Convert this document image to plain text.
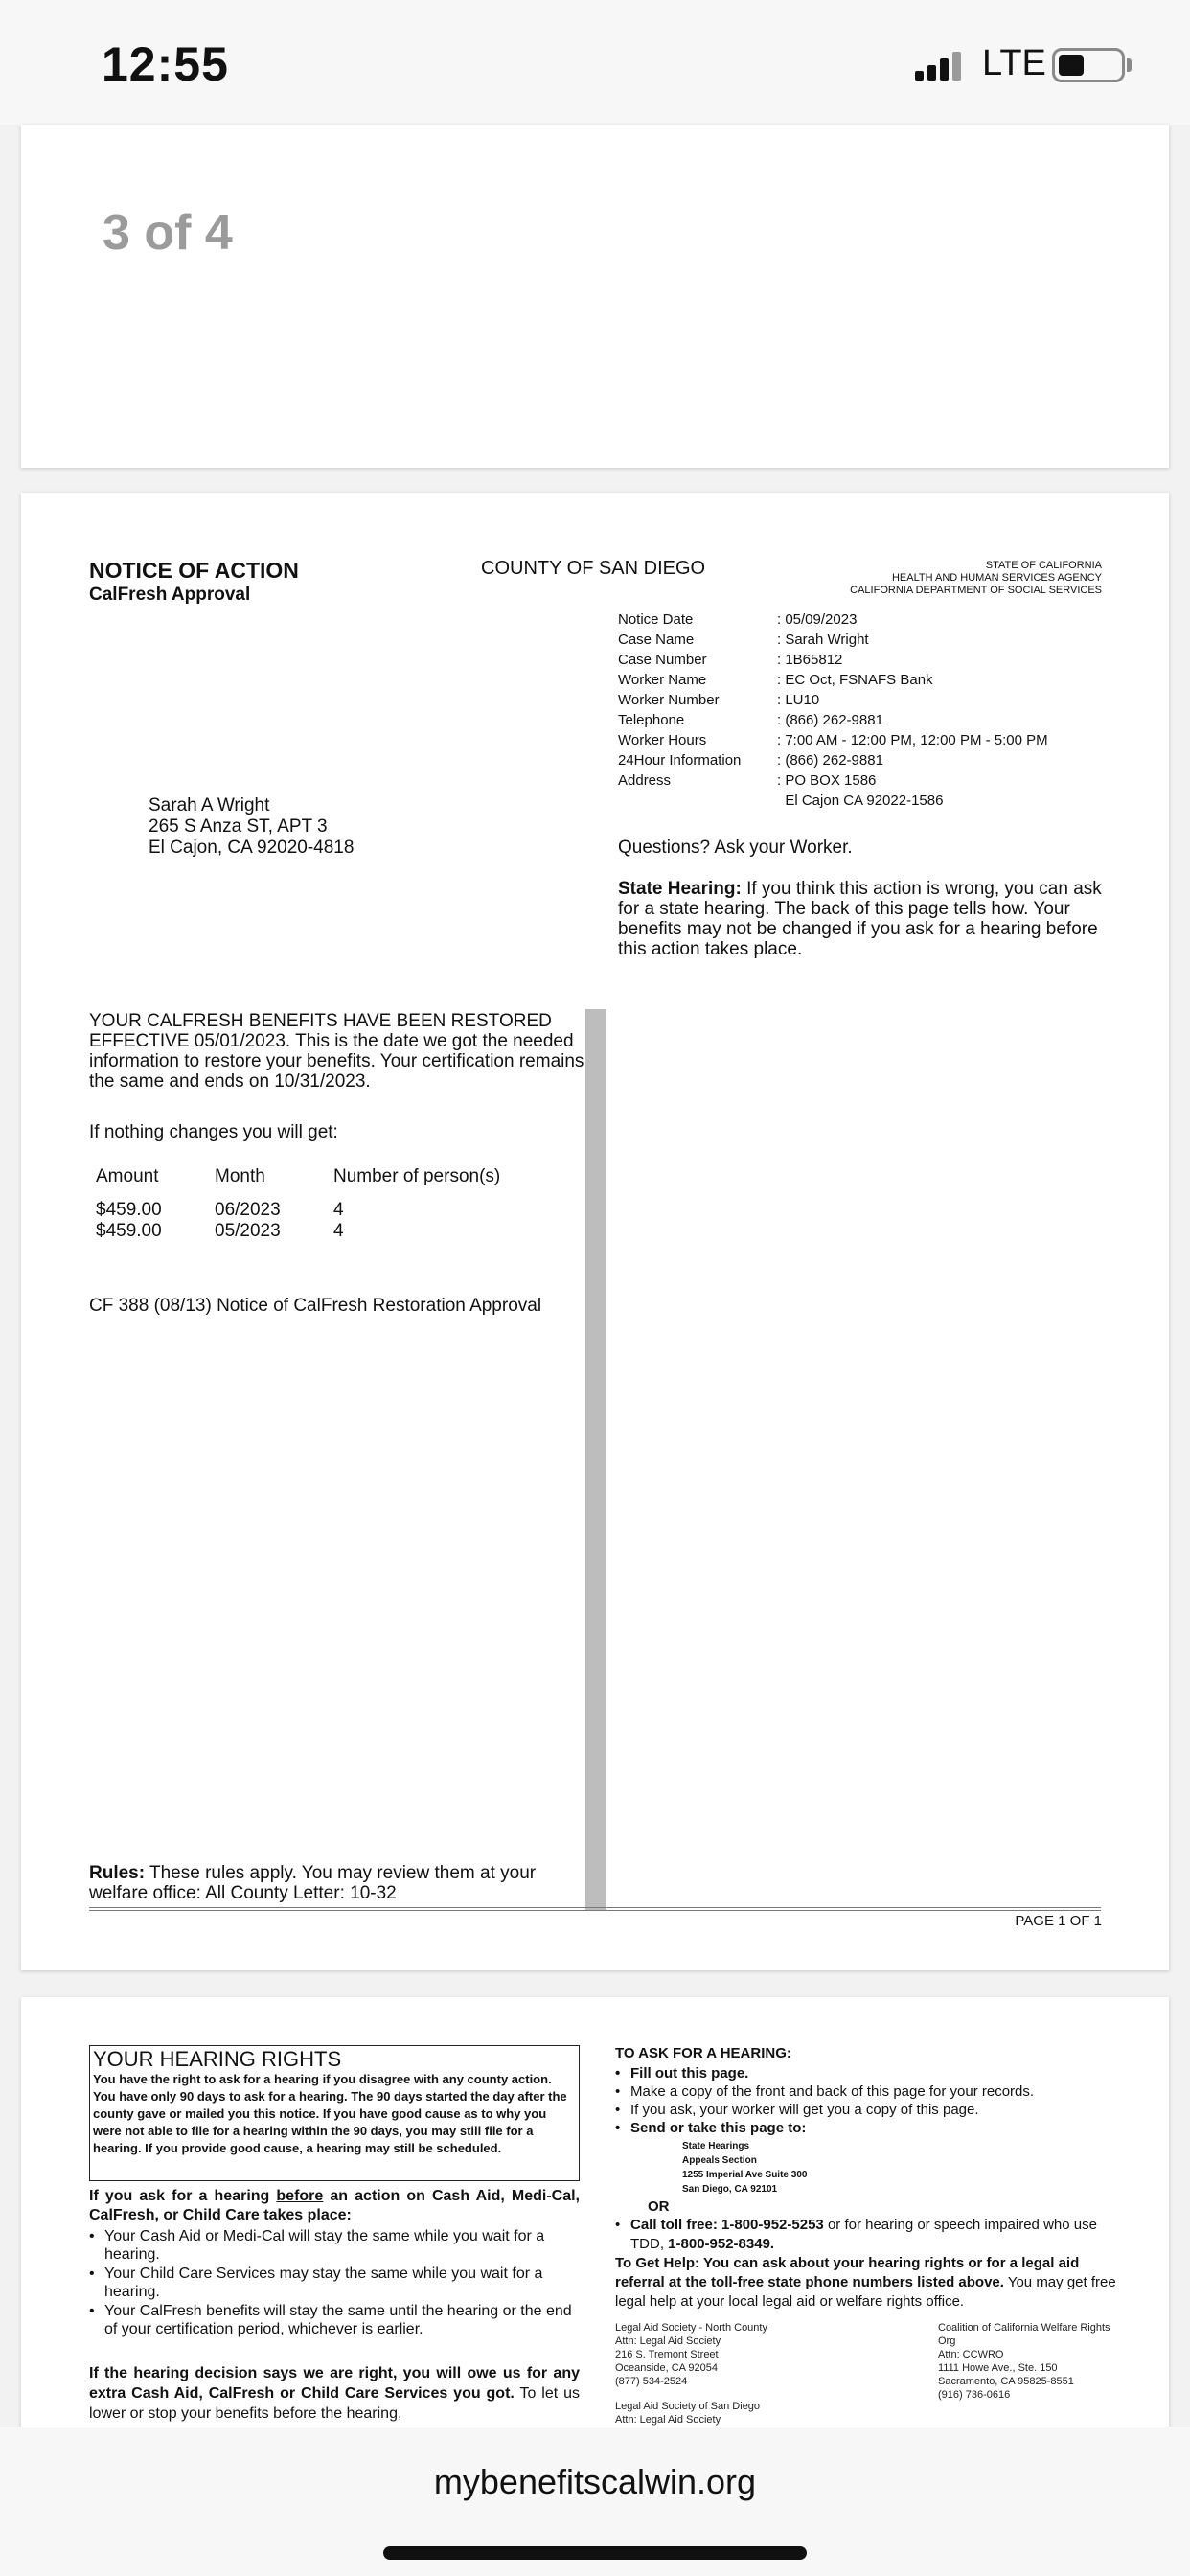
12:55	LTE
3 of 4
NOTICE OF ACTION
CalFresh Approval
COUNTY OF SAN DIEGO	STATE OF CALIFORNIA
HEALTH AND HUMAN SERVICES AGENCY
CALIFORNIA DEPARTMENT OF SOCIAL SERVICES
Notice Date	: 05/09/2023
Case Name	: Sarah Wright
Case Number	: 1B65812
Worker Name	: EC Oct, FSNAFS Bank
Worker Number	: LU10
Telephone	: (866) 262-9881
Worker Hours	: 7:00 AM - 12:00 PM, 12:00 PM - 5:00 PM
24Hour Information	: (866) 262-9881
Address	: PO BOX 1586
	El Cajon CA 92022-1586
Sarah A Wright
265 S Anza ST, APT 3
El Cajon, CA 92020-4818	Questions? Ask your Worker.
State Hearing: If you think this action is wrong, you can ask for a state hearing. The back of this page tells how. Your benefits may not be changed if you ask for a hearing before this action takes place.
YOUR CALFRESH BENEFITS HAVE BEEN RESTORED EFFECTIVE 05/01/2023. This is the date we got the needed information to restore your benefits. Your certification remains the same and ends on 10/31/2023.
If nothing changes you will get:
Amount	Month	Number of person(s)
$459.00	06/2023	4
$459.00	05/2023	4
CF 388 (08/13) Notice of CalFresh Restoration Approval
Rules: These rules apply. You may review them at your welfare office: All County Letter: 10-32
PAGE 1 OF 1
YOUR HEARING RIGHTS
You have the right to ask for a hearing if you disagree with any county action. You have only 90 days to ask for a hearing. The 90 days started the day after the county gave or mailed you this notice. If you have good cause as to why you were not able to file for a hearing within the 90 days, you may still file for a hearing. If you provide good cause, a hearing may still be scheduled.
If you ask for a hearing before an action on Cash Aid, Medi-Cal, CalFresh, or Child Care takes place:
• Your Cash Aid or Medi-Cal will stay the same while you wait for a hearing.
• Your Child Care Services may stay the same while you wait for a hearing.
• Your CalFresh benefits will stay the same until the hearing or the end of your certification period, whichever is earlier.
If the hearing decision says we are right, you will owe us for any extra Cash Aid, CalFresh or Child Care Services you got. To let us lower or stop your benefits before the hearing,
TO ASK FOR A HEARING:
• Fill out this page.
• Make a copy of the front and back of this page for your records.
• If you ask, your worker will get you a copy of this page.
• Send or take this page to:
State Hearings
Appeals Section
1255 Imperial Ave Suite 300
San Diego, CA 92101
OR
• Call toll free: 1-800-952-5253 or for hearing or speech impaired who use TDD, 1-800-952-8349.
To Get Help: You can ask about your hearing rights or for a legal aid referral at the toll-free state phone numbers listed above. You may get free legal help at your local legal aid or welfare rights office.
Legal Aid Society - North County
Attn: Legal Aid Society
216 S. Tremont Street
Oceanside, CA 92054
(877) 534-2524
Coalition of California Welfare Rights Org
Attn: CCWRO
1111 Howe Ave., Ste. 150
Sacramento, CA 95825-8551
(916) 736-0616
Legal Aid Society of San Diego
Attn: Legal Aid Society
mybenefitscalwin.org
